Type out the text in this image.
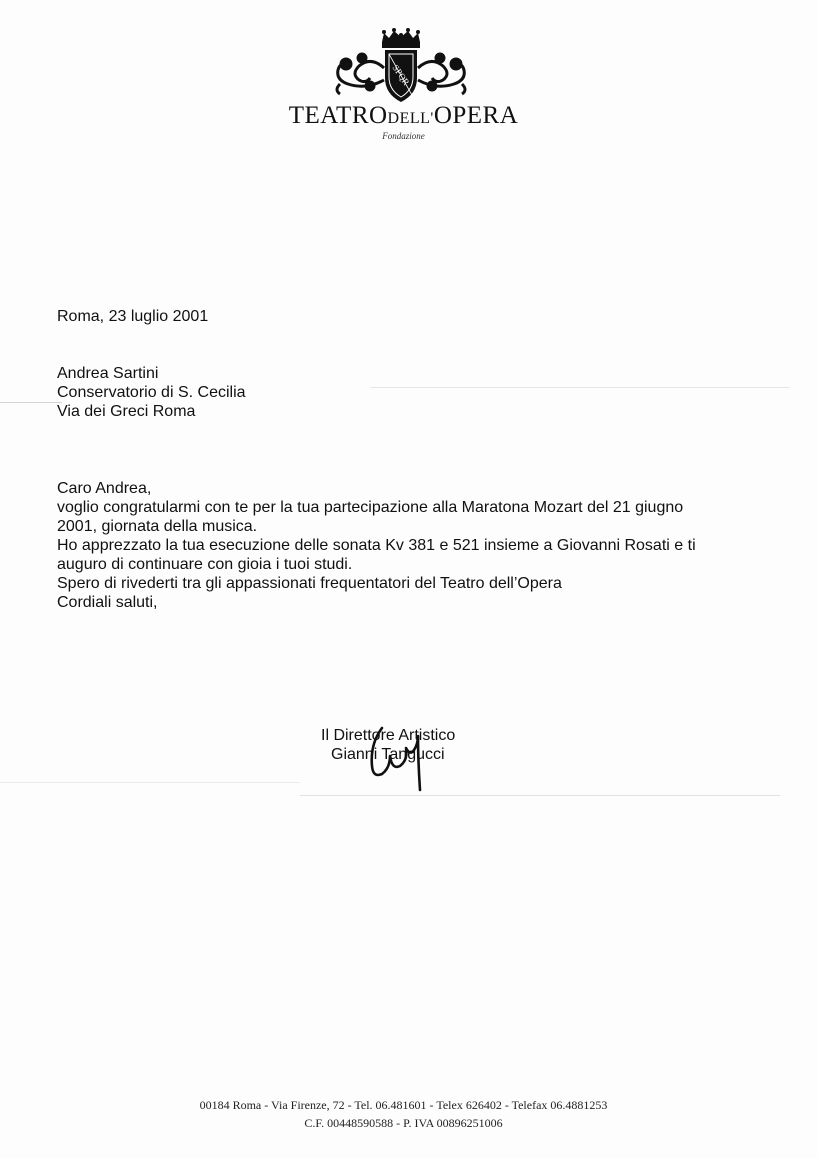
SPQR
TEATRODELL'OPERA
Fondazione
Roma, 23 luglio 2001
Andrea Sartini
Conservatorio di S. Cecilia
Via dei Greci Roma

Caro Andrea,

voglio congratularmi con te per la tua partecipazione alla Maratona Mozart del 21 giugno 2001, giornata della musica.

Ho apprezzato la tua esecuzione delle sonata Kv 381 e 521 insieme a Giovanni Rosati e ti auguro di continuare con gioia i tuoi studi.

Spero di rivederti tra gli appassionati frequentatori del Teatro dell’Opera

Cordiali saluti,

Il Direttore Artistico
Gianni Tangucci
00184 Roma - Via Firenze, 72 - Tel. 06.481601 - Telex 626402 - Telefax 06.4881253
C.F. 00448590588 - P. IVA 00896251006
